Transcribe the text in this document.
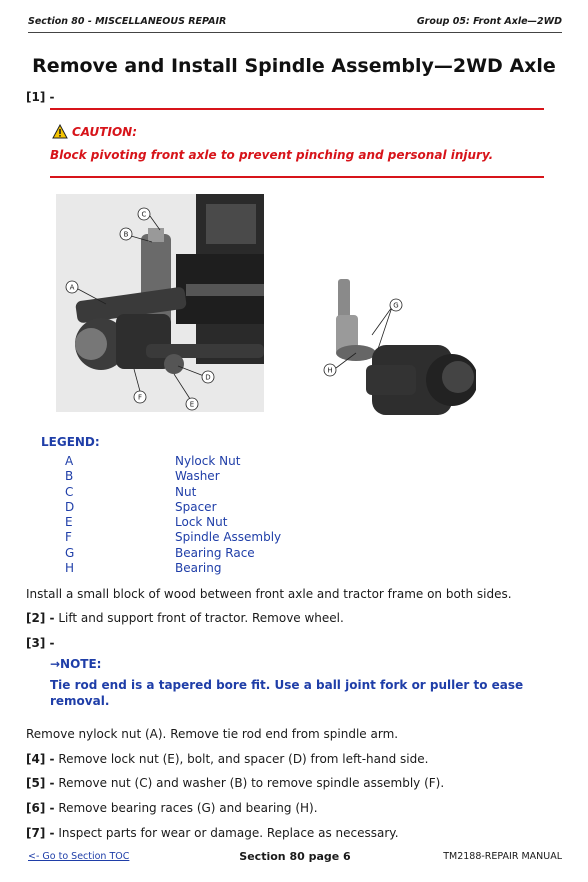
Section 80 - MISCELLANEOUS REPAIR	Group 05: Front Axle—2WD
Remove and Install Spindle Assembly—2WD Axle
[1] -
CAUTION:
Block pivoting front axle to prevent pinching and personal injury.
C
B
A
D
F
E
G
H
LEGEND:
A	Nylock Nut
B	Washer
C	Nut
D	Spacer
E	Lock Nut
F	Spindle Assembly
G	Bearing Race
H	Bearing
Install a small block of wood between front axle and tractor frame on both sides.
[2] - Lift and support front of tractor. Remove wheel.
[3] -
→NOTE:
Tie rod end is a tapered bore fit. Use a ball joint fork or puller to ease removal.
Remove nylock nut (A). Remove tie rod end from spindle arm.
[4] - Remove lock nut (E), bolt, and spacer (D) from left-hand side.
[5] - Remove nut (C) and washer (B) to remove spindle assembly (F).
[6] - Remove bearing races (G) and bearing (H).
[7] - Inspect parts for wear or damage. Replace as necessary.
<- Go to Section TOC	Section 80 page 6	TM2188-REPAIR MANUAL
